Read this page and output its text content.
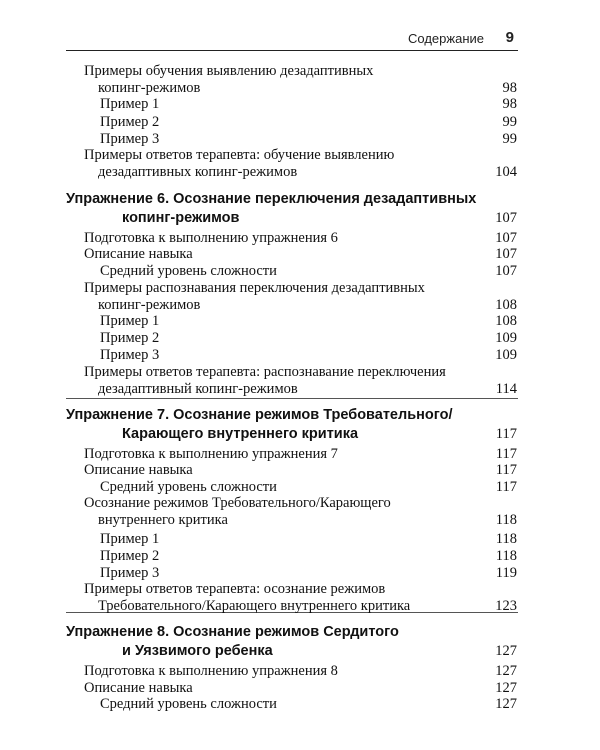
Содержание 9
Примеры обучения выявлению дезадаптивных
копинг-режимов	98
Пример 1	98
Пример 2	99
Пример 3	99
Примеры ответов терапевта: обучение выявлению
дезадаптивных копинг-режимов	104
Упражнение 6. Осознание переключения дезадаптивных
копинг-режимов	107
Подготовка к выполнению упражнения 6	107
Описание навыка	107
Средний уровень сложности	107
Примеры распознавания переключения дезадаптивных
копинг-режимов	108
Пример 1	108
Пример 2	109
Пример 3	109
Примеры ответов терапевта: распознавание переключения
дезадаптивный копинг-режимов	114
Упражнение 7. Осознание режимов Требовательного/
Карающего внутреннего критика	117
Подготовка к выполнению упражнения 7	117
Описание навыка	117
Средний уровень сложности	117
Осознание режимов Требовательного/Карающего
внутреннего критика	118
Пример 1	118
Пример 2	118
Пример 3	119
Примеры ответов терапевта: осознание режимов
Требовательного/Карающего внутреннего критика	123
Упражнение 8. Осознание режимов Сердитого
и Уязвимого ребенка	127
Подготовка к выполнению упражнения 8	127
Описание навыка	127
Средний уровень сложности	127
